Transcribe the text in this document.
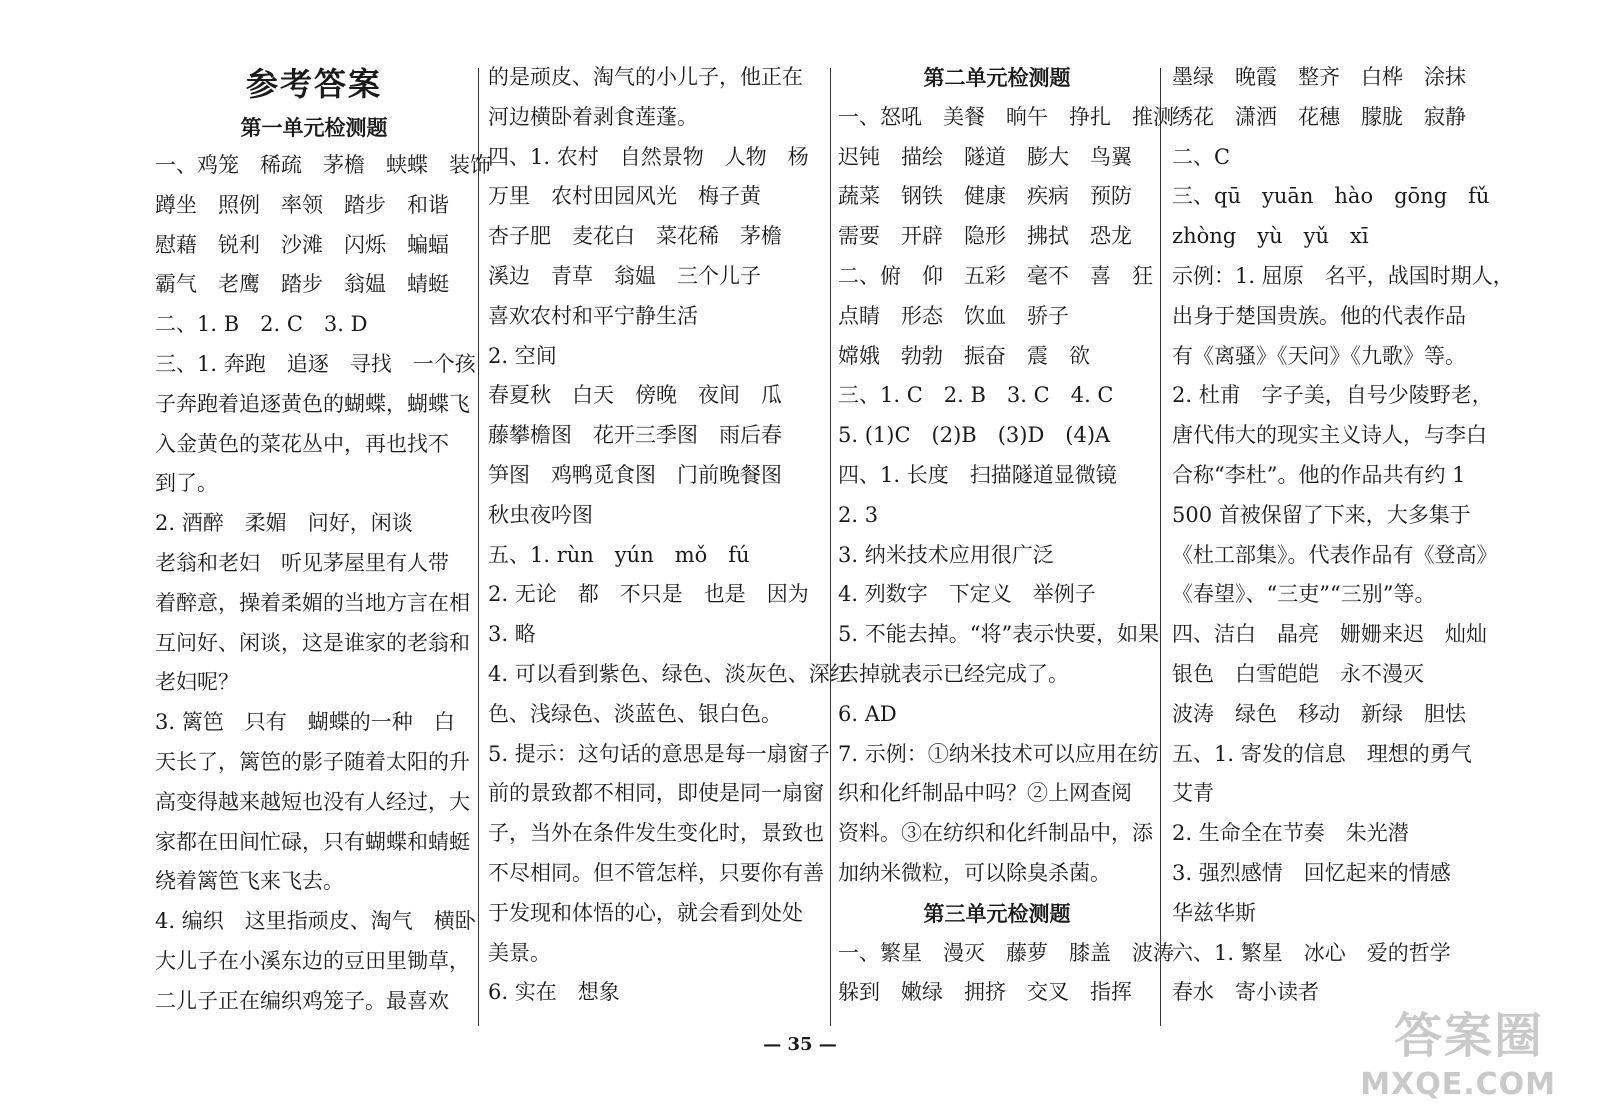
参考答案
第一单元检测题
一、鸡笼　稀疏　茅檐　蛱蝶　装饰
蹲坐　照例　率领　踏步　和谐
慰藉　锐利　沙滩　闪烁　蝙蝠
霸气　老鹰　踏步　翁媪　蜻蜓
二、1. B　2. C　3. D
三、1. 奔跑　追逐　寻找　一个孩
子奔跑着追逐黄色的蝴蝶，蝴蝶飞
入金黄色的菜花丛中，再也找不
到了。
2. 酒醉　柔媚　问好，闲谈
老翁和老妇　听见茅屋里有人带
着醉意，操着柔媚的当地方言在相
互问好、闲谈，这是谁家的老翁和
老妇呢？
3. 篱笆　只有　蝴蝶的一种　白
天长了，篱笆的影子随着太阳的升
高变得越来越短也没有人经过，大
家都在田间忙碌，只有蝴蝶和蜻蜓
绕着篱笆飞来飞去。
4. 编织　这里指顽皮、淘气　横卧
大儿子在小溪东边的豆田里锄草，
二儿子正在编织鸡笼子。最喜欢
的是顽皮、淘气的小儿子，他正在
河边横卧着剥食莲蓬。
四、1. 农村　自然景物　人物　杨
万里　农村田园风光　梅子黄
杏子肥　麦花白　菜花稀　茅檐
溪边　青草　翁媪　三个儿子
喜欢农村和平宁静生活
2. 空间
春夏秋　白天　傍晚　夜间　瓜
藤攀檐图　花开三季图　雨后春
笋图　鸡鸭觅食图　门前晚餐图
秋虫夜吟图
五、1. rùn　yún　mǒ　fú
2. 无论　都　不只是　也是　因为
3. 略
4. 可以看到紫色、绿色、淡灰色、深红
色、浅绿色、淡蓝色、银白色。
5. 提示：这句话的意思是每一扇窗子
前的景致都不相同，即使是同一扇窗
子，当外在条件发生变化时，景致也
不尽相同。但不管怎样，只要你有善
于发现和体悟的心，就会看到处处
美景。
6. 实在　想象
第二单元检测题
一、怒吼　美餐　晌午　挣扎　推测
迟钝　描绘　隧道　膨大　鸟翼
蔬菜　钢铁　健康　疾病　预防
需要　开辟　隐形　拂拭　恐龙
二、俯　仰　五彩　毫不　喜　狂
点睛　形态　饮血　骄子
嫦娥　勃勃　振奋　震　欲
三、1. C　2. B　3. C　4. C
5. (1)C　(2)B　(3)D　(4)A
四、1. 长度　扫描隧道显微镜
2. 3
3. 纳米技术应用很广泛
4. 列数字　下定义　举例子
5. 不能去掉。“将”表示快要，如果
去掉就表示已经完成了。
6. AD
7. 示例：①纳米技术可以应用在纺
织和化纤制品中吗？②上网查阅
资料。③在纺织和化纤制品中，添
加纳米微粒，可以除臭杀菌。
第三单元检测题
一、繁星　漫灭　藤萝　膝盖　波涛
躲到　嫩绿　拥挤　交叉　指挥
墨绿　晚霞　整齐　白桦　涂抹
绣花　潇洒　花穗　朦胧　寂静
二、C
三、qū　yuān　hào　gōng　fǔ
zhòng　yù　yǔ　xī
示例：1. 屈原　名平，战国时期人，
出身于楚国贵族。他的代表作品
有《离骚》《天问》《九歌》等。
2. 杜甫　字子美，自号少陵野老，
唐代伟大的现实主义诗人，与李白
合称“李杜”。他的作品共有约 1
500 首被保留了下来，大多集于
《杜工部集》。代表作品有《登高》
《春望》、“三吏”“三别”等。
四、洁白　晶亮　姗姗来迟　灿灿
银色　白雪皑皑　永不漫灭
波涛　绿色　移动　新绿　胆怯
五、1. 寄发的信息　理想的勇气
艾青
2. 生命全在节奏　朱光潜
3. 强烈感情　回忆起来的情感
华兹华斯
六、1. 繁星　冰心　爱的哲学
春水　寄小读者
— 35 —	答案圈
MXQE.COM
